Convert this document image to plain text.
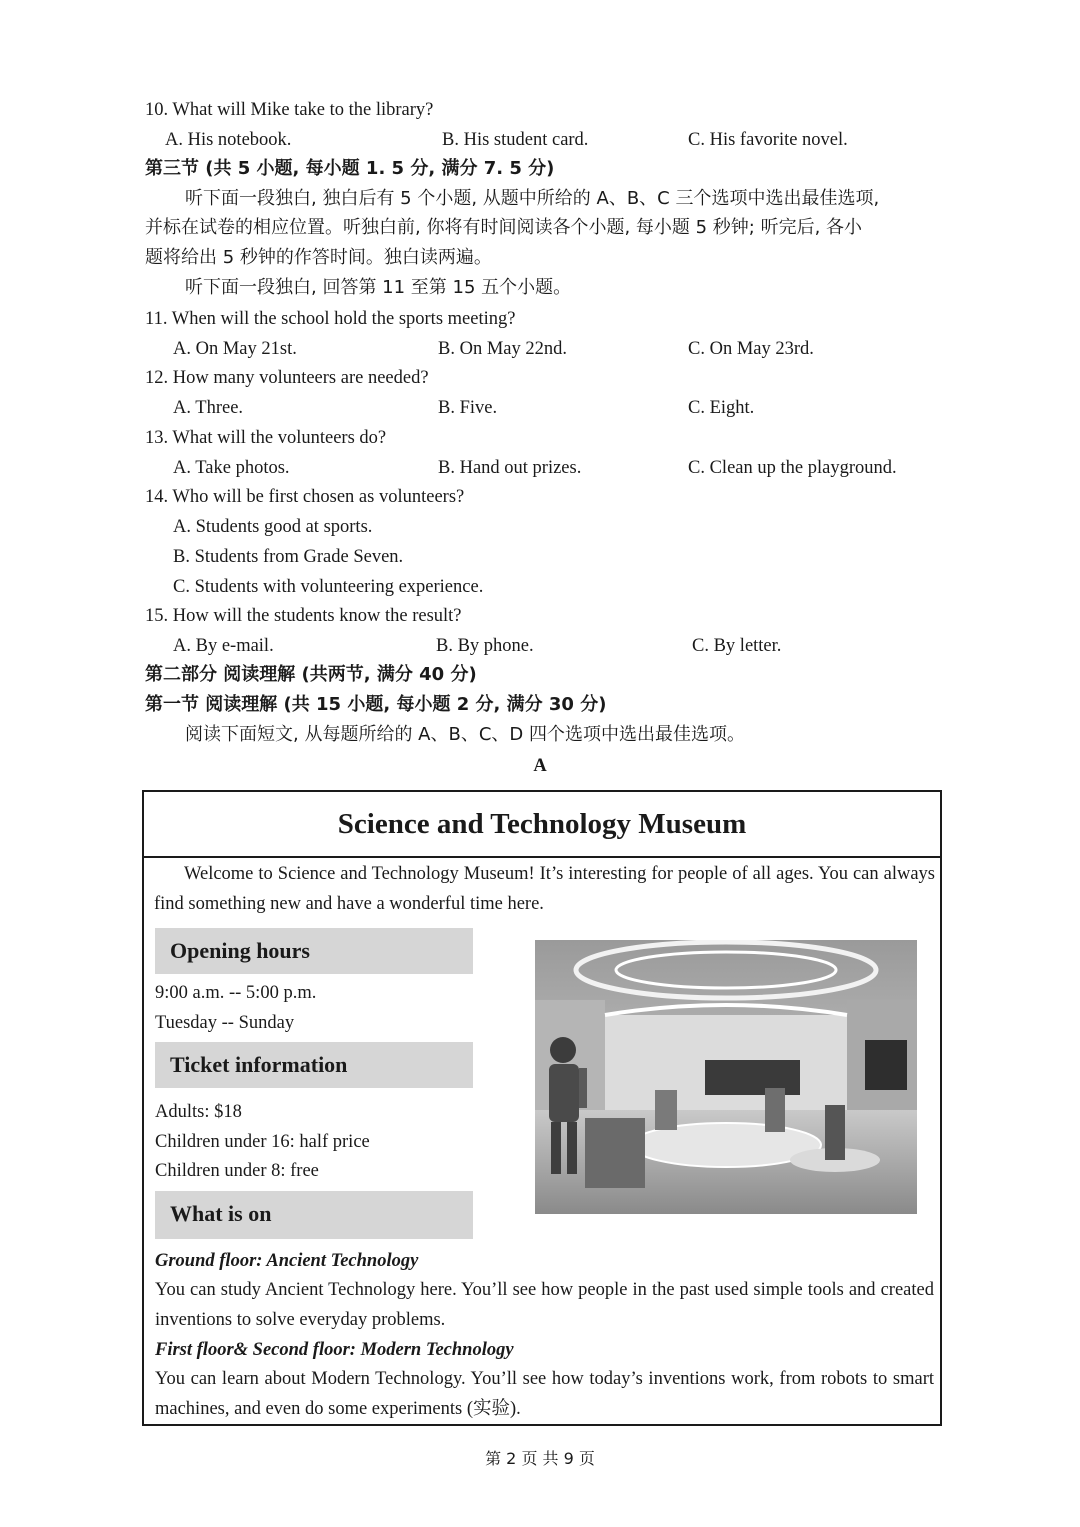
10. What will Mike take to the library?
A. His notebook.	B. His student card.	C. His favorite novel.
第三节 (共 5 小题, 每小题 1. 5 分, 满分 7. 5 分)
听下面一段独白, 独白后有 5 个小题, 从题中所给的 A、B、C 三个选项中选出最佳选项,
并标在试卷的相应位置。听独白前, 你将有时间阅读各个小题, 每小题 5 秒钟; 听完后, 各小
题将给出 5 秒钟的作答时间。独白读两遍。
听下面一段独白, 回答第 11 至第 15 五个小题。
11. When will the school hold the sports meeting?
A. On May 21st.	B. On May 22nd.	C. On May 23rd.
12. How many volunteers are needed?
A. Three.	B. Five.	C. Eight.
13. What will the volunteers do?
A. Take photos.	B. Hand out prizes.	C. Clean up the playground.
14. Who will be first chosen as volunteers?
A. Students good at sports.
B. Students from Grade Seven.
C. Students with volunteering experience.
15. How will the students know the result?
A. By e-mail.	B. By phone.	C. By letter.
第二部分 阅读理解 (共两节, 满分 40 分)
第一节 阅读理解 (共 15 小题, 每小题 2 分, 满分 30 分)
阅读下面短文, 从每题所给的 A、B、C、D 四个选项中选出最佳选项。
A
Science and Technology Museum
Welcome to Science and Technology Museum! It’s interesting for people of all ages. You can always find something new and have a wonderful time here.
Opening hours
9:00 a.m. -- 5:00 p.m.
Tuesday -- Sunday
Ticket information
Adults: $18
Children under 16: half price
Children under 8: free
What is on
Ground floor: Ancient Technology
You can study Ancient Technology here. You’ll see how people in the past used simple tools and created inventions to solve everyday problems.
First floor& Second floor: Modern Technology
You can learn about Modern Technology. You’ll see how today’s inventions work, from robots to smart machines, and even do some experiments (实验).
第 2 页 共 9 页
